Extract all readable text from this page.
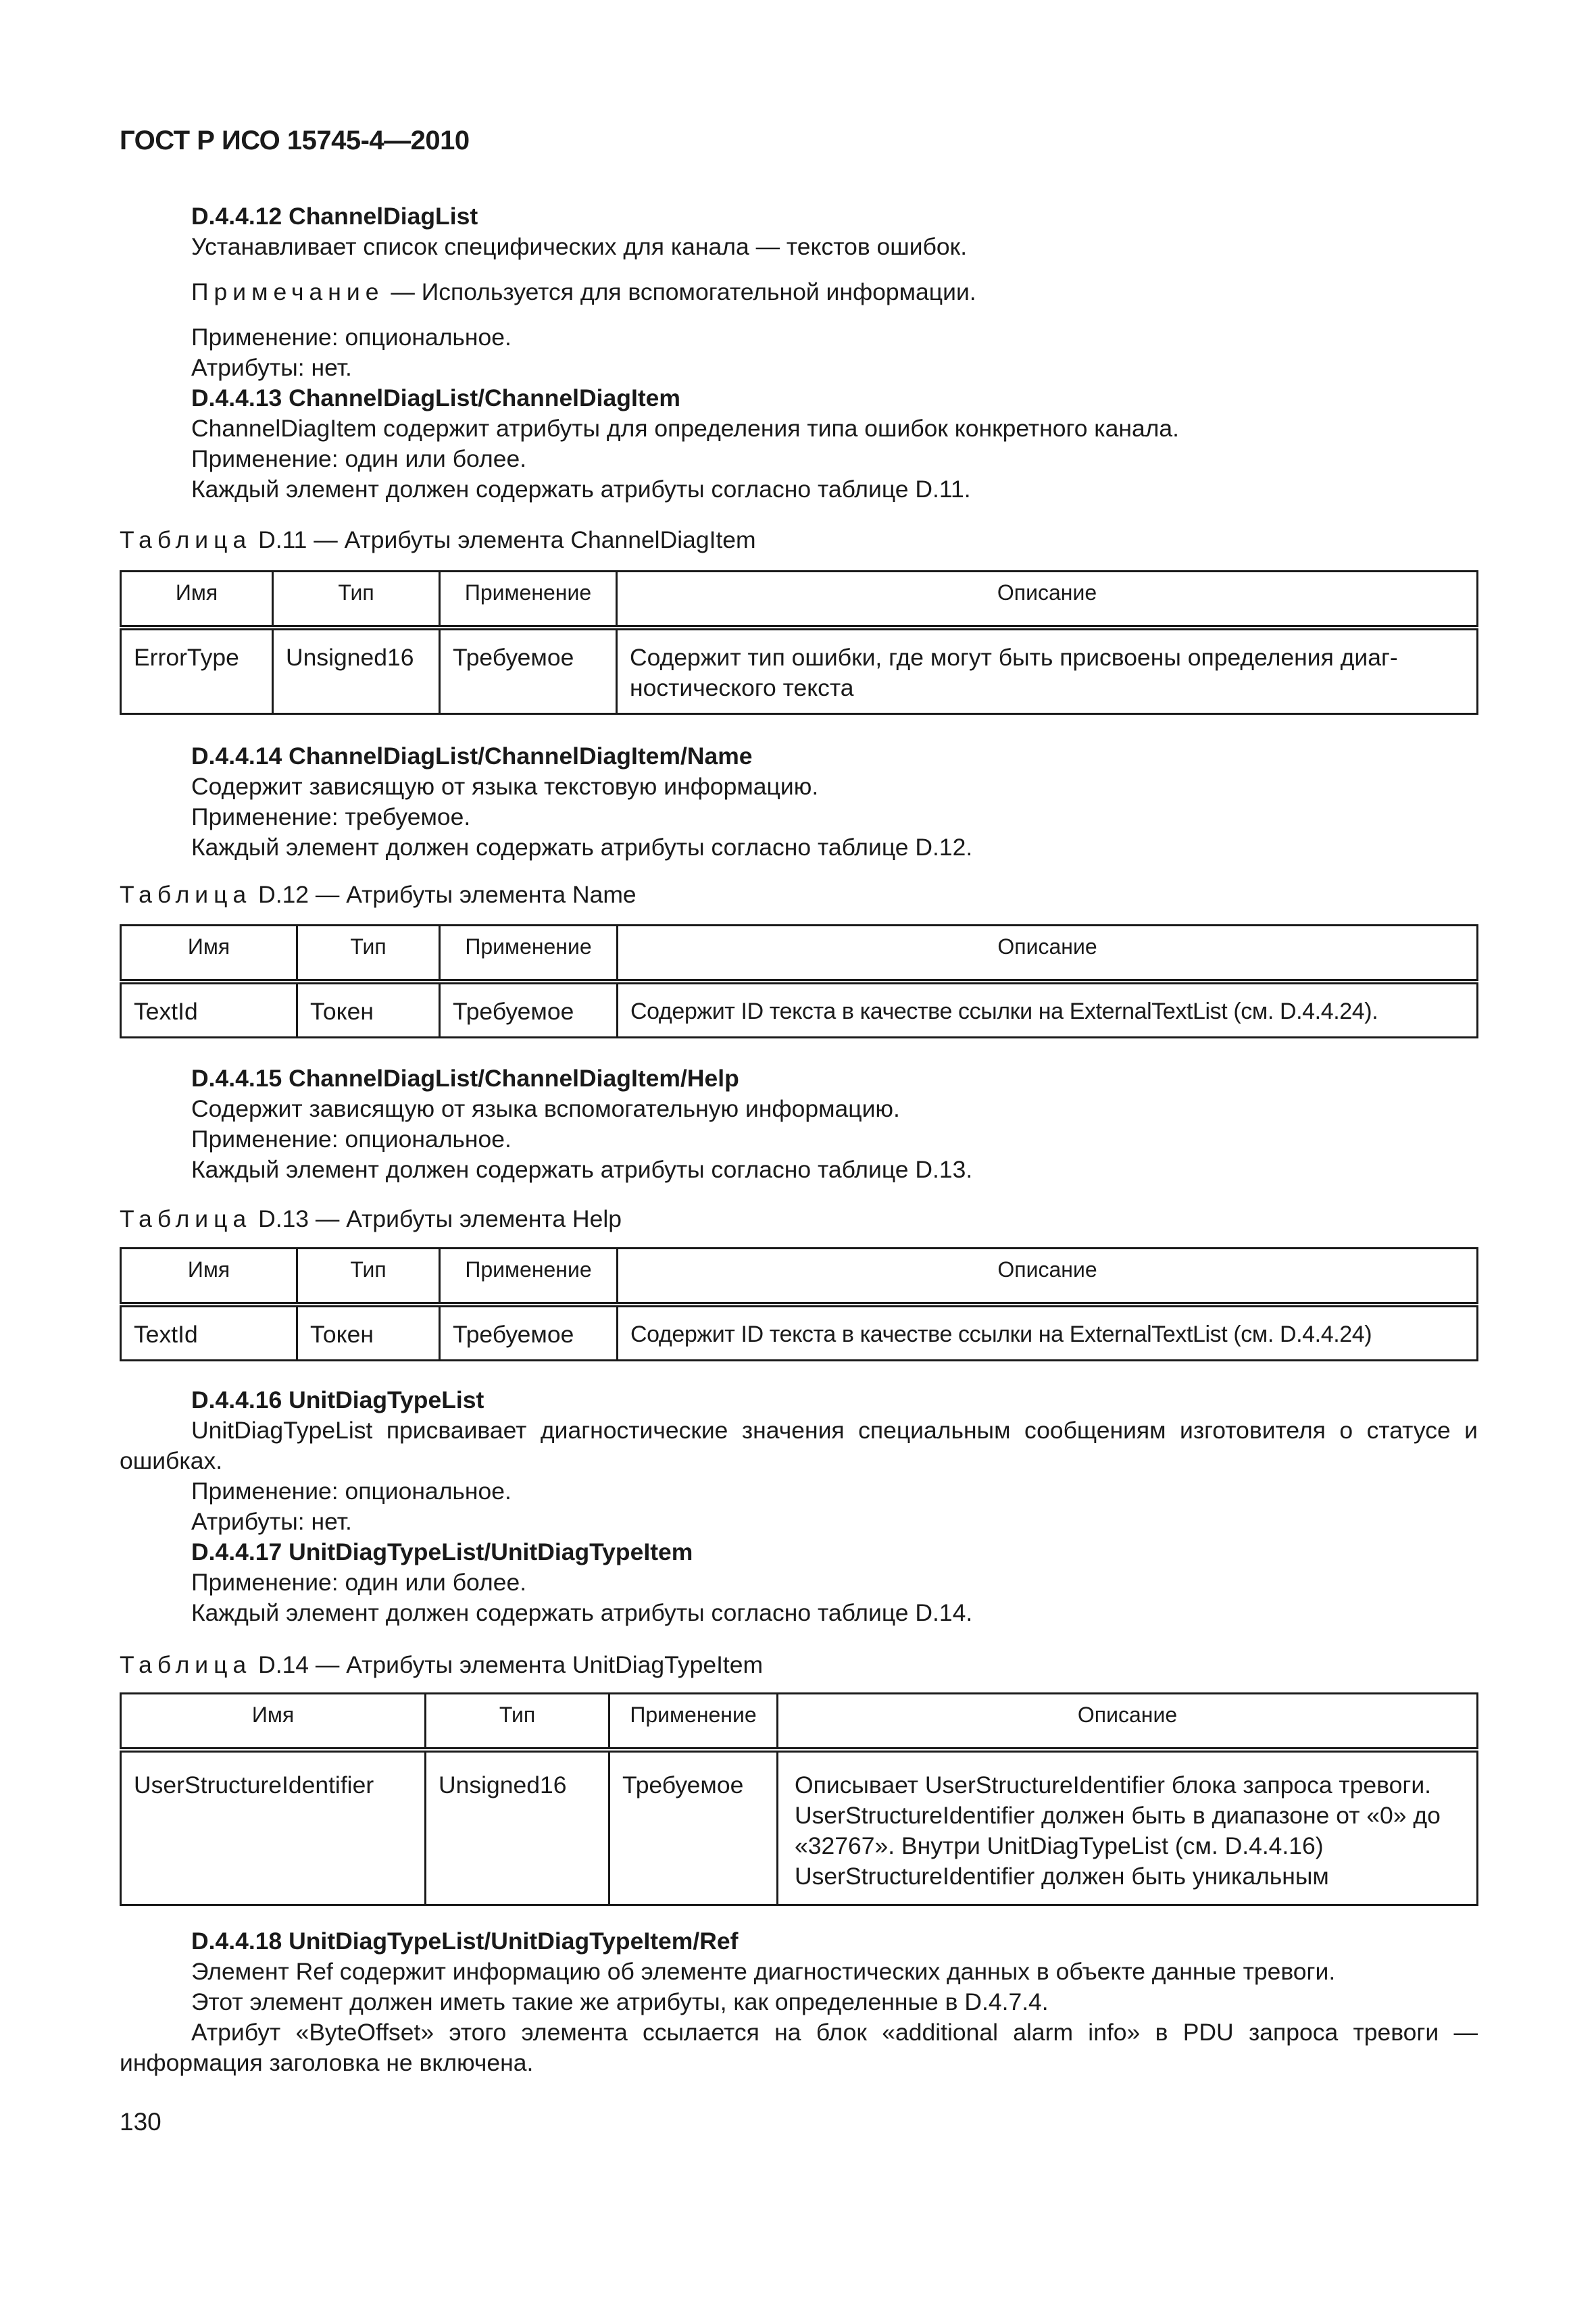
ГОСТ Р ИСО 15745-4—2010

D.4.4.12 ChannelDiagList

Устанавливает список специфических для канала — текстов ошибок.

Примечание — Используется для вспомогательной информации.

Применение: опциональное.

Атрибуты: нет.

D.4.4.13 ChannelDiagList/ChannelDiagItem

ChannelDiagItem содержит атрибуты для определения типа ошибок конкретного канала.

Применение: один или более.

Каждый элемент должен содержать атрибуты согласно таблице D.11.

Таблица D.11 — Атрибуты элемента ChannelDiagItem
Имя	Тип	Применение	Описание
ErrorType	Unsigned16	Требуемое	Содержит тип ошибки, где могут быть присвоены определения диагностического текста

D.4.4.14 ChannelDiagList/ChannelDiagItem/Name

Содержит зависящую от языка текстовую информацию.

Применение: требуемое.

Каждый элемент должен содержать атрибуты согласно таблице D.12.

Таблица D.12 — Атрибуты элемента Name
Имя	Тип	Применение	Описание
TextId	Токен	Требуемое	Содержит ID текста в качестве ссылки на ExternalTextList (см. D.4.4.24).

D.4.4.15 ChannelDiagList/ChannelDiagItem/Help

Содержит зависящую от языка вспомогательную информацию.

Применение: опциональное.

Каждый элемент должен содержать атрибуты согласно таблице D.13.

Таблица D.13 — Атрибуты элемента Help
Имя	Тип	Применение	Описание
TextId	Токен	Требуемое	Содержит ID текста в качестве ссылки на ExternalTextList (см. D.4.4.24)

D.4.4.16 UnitDiagTypeList

UnitDiagTypeList присваивает диагностические значения специальным сообщениям изготовителя о статусе и ошибках.

Применение: опциональное.

Атрибуты: нет.

D.4.4.17 UnitDiagTypeList/UnitDiagTypeItem

Применение: один или более.

Каждый элемент должен содержать атрибуты согласно таблице D.14.

Таблица D.14 — Атрибуты элемента UnitDiagTypeItem
Имя	Тип	Применение	Описание
UserStructureIdentifier	Unsigned16	Требуемое	Описывает UserStructureIdentifier блока запроса тревоги. UserStructureIdentifier должен быть в диапазоне от «0» до «32767». Внутри UnitDiagTypeList (см. D.4.4.16) UserStructureIdentifier должен быть уникальным

D.4.4.18 UnitDiagTypeList/UnitDiagTypeItem/Ref

Элемент Ref содержит информацию об элементе диагностических данных в объекте данные тревоги.

Этот элемент должен иметь такие же атрибуты, как определенные в D.4.7.4.

Атрибут «ByteOffset» этого элемента ссылается на блок «additional alarm info» в PDU запроса тревоги — информация заголовка не включена.

130
